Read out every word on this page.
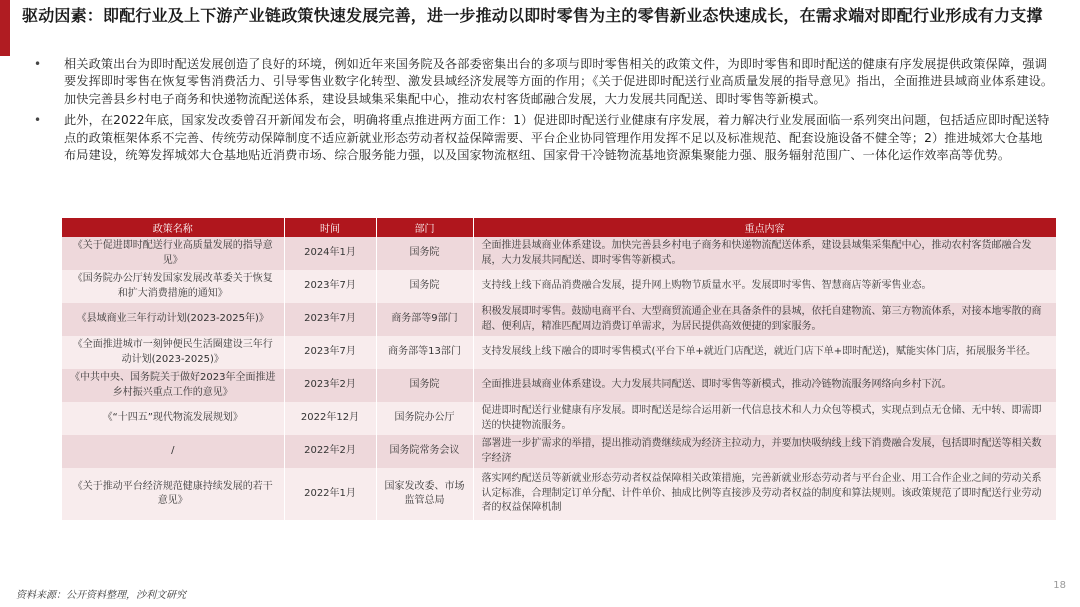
驱动因素：即配行业及上下游产业链政策快速发展完善，进一步推动以即时零售为主的零售新业态快速成长，在需求端对即配行业形成有力支撑
• 相关政策出台为即时配送发展创造了良好的环境，例如近年来国务院及各部委密集出台的多项与即时零售相关的政策文件，为即时零售和即时配送的健康有序发展提供政策保障，强调要发挥即时零售在恢复零售消费活力、引导零售业数字化转型、激发县域经济发展等方面的作用；《关于促进即时配送行业高质量发展的指导意见》指出，全面推进县域商业体系建设。加快完善县乡村电子商务和快递物流配送体系，建设县域集采集配中心，推动农村客货邮融合发展，大力发展共同配送、即时零售等新模式。
• 此外，在2022年底，国家发改委曾召开新闻发布会，明确将重点推进两方面工作：1）促进即时配送行业健康有序发展，着力解决行业发展面临一系列突出问题，包括适应即时配送特点的政策框架体系不完善、传统劳动保障制度不适应新就业形态劳动者权益保障需要、平台企业协同管理作用发挥不足以及标准规范、配套设施设备不健全等；2）推进城郊大仓基地布局建设，统筹发挥城郊大仓基地贴近消费市场、综合服务能力强，以及国家物流枢纽、国家骨干冷链物流基地资源集聚能力强、服务辐射范围广、一体化运作效率高等优势。
政策名称	时间	部门	重点内容
《关于促进即时配送行业高质量发展的指导意见》	2024年1月	国务院	全面推进县域商业体系建设。加快完善县乡村电子商务和快递物流配送体系，建设县域集采集配中心，推动农村客货邮融合发展，大力发展共同配送、即时零售等新模式。
《国务院办公厅转发国家发展改革委关于恢复和扩大消费措施的通知》	2023年7月	国务院	支持线上线下商品消费融合发展，提升网上购物节质量水平。发展即时零售、智慧商店等新零售业态。
《县域商业三年行动计划(2023-2025年)》	2023年7月	商务部等9部门	积极发展即时零售。鼓励电商平台、大型商贸流通企业在具备条件的县城，依托自建物流、第三方物流体系，对接本地零散的商超、便利店，精准匹配周边消费订单需求，为居民提供高效便捷的到家服务。
《全面推进城市一刻钟便民生活圈建设三年行动计划(2023-2025)》	2023年7月	商务部等13部门	支持发展线上线下融合的即时零售模式(平台下单+就近门店配送，就近门店下单+即时配送)，赋能实体门店，拓展服务半径。
《中共中央、国务院关于做好2023年全面推进乡村振兴重点工作的意见》	2023年2月	国务院	全面推进县域商业体系建设。大力发展共同配送、即时零售等新模式，推动冷链物流服务网络向乡村下沉。
《“十四五”现代物流发展规划》	2022年12月	国务院办公厅	促进即时配送行业健康有序发展。即时配送是综合运用新一代信息技术和人力众包等模式，实现点到点无仓储、无中转、即需即送的快捷物流服务。
/	2022年2月	国务院常务会议	部署进一步扩需求的举措，提出推动消费继续成为经济主拉动力，并要加快吸纳线上线下消费融合发展，包括即时配送等相关数字经济
《关于推动平台经济规范健康持续发展的若干意见》	2022年1月	国家发改委、市场监管总局	落实网约配送员等新就业形态劳动者权益保障相关政策措施，完善新就业形态劳动者与平台企业、用工合作企业之间的劳动关系认定标准，合理制定订单分配、计件单价、抽成比例等直接涉及劳动者权益的制度和算法规则。该政策规范了即时配送行业劳动者的权益保障机制
资料来源：公开资料整理，沙利文研究
18
